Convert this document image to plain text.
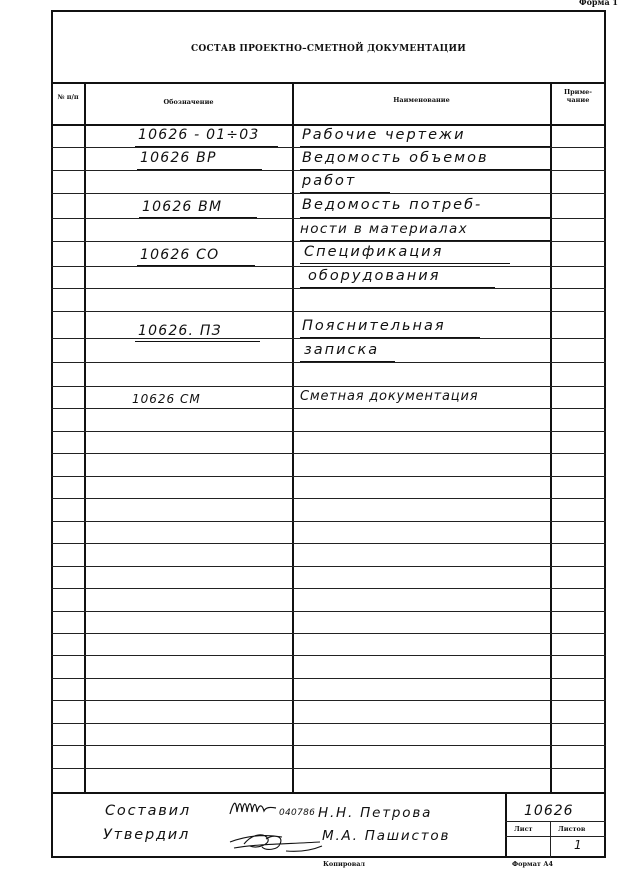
Форма 1
СОСТАВ ПРОЕКТНО–СМЕТНОЙ ДОКУМЕНТАЦИИ
№ п/п
Обозначение	Наименование
Приме-чание
10626 - 01÷03	Рабочие чертежи
10626 ВР	Ведомость объемов
работ
10626 ВМ	Ведомость потреб-
ности в материалах
10626 СО	Спецификация
оборудования
10626. ПЗ	Пояснительная
записка
10626 СМ	Сметная документация
Составил	040786 Н.Н. Петрова
Утвердил	М.А. Пашистов
10626
Лист	Листов
1
Копировал	Формат А4
